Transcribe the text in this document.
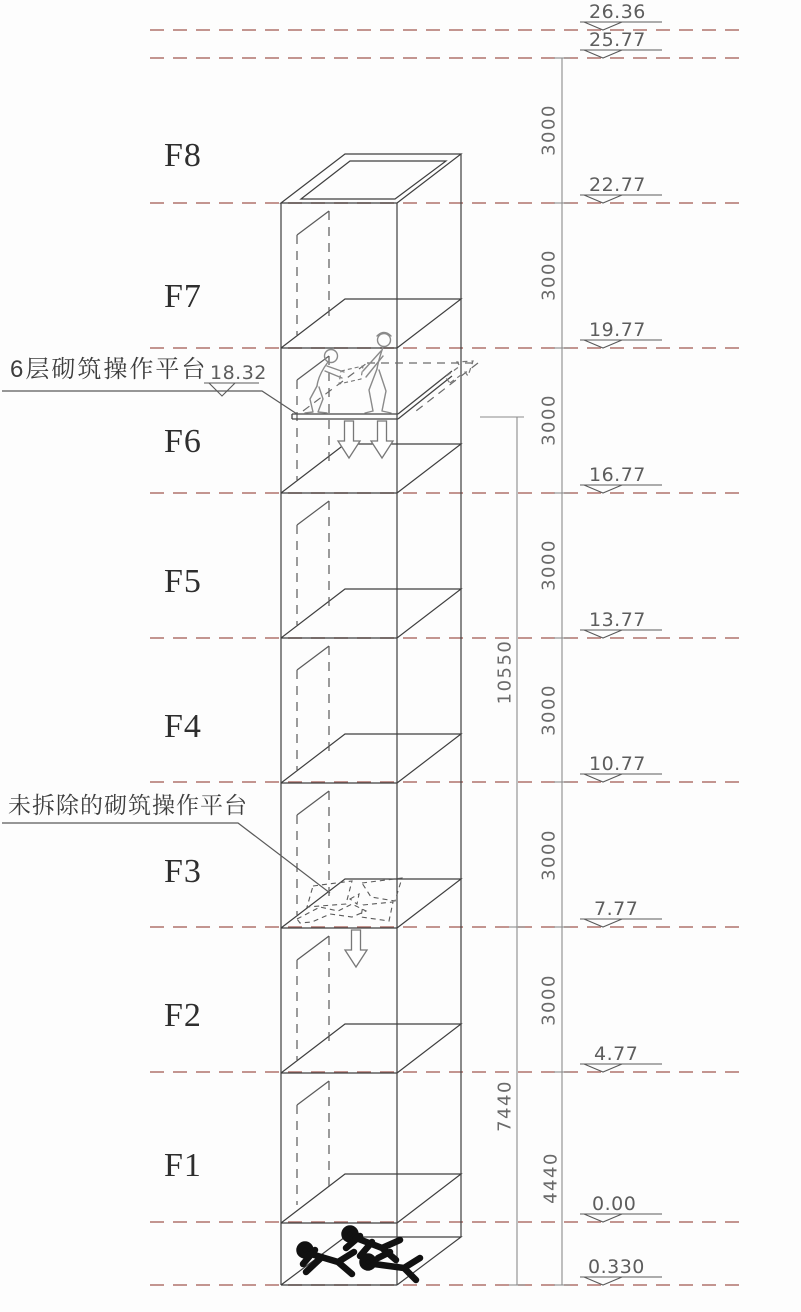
F8
F7
F6
F5
F4
F3
F2
F1
26.36
25.77
22.77
19.77
16.77
13.77
10.77
7.77
4.77
0.00
0.330
18.32
3000
3000
3000
3000
3000
3000
3000
4440
10550
7440
6层砌筑操作平台
未拆除的砌筑操作平台
